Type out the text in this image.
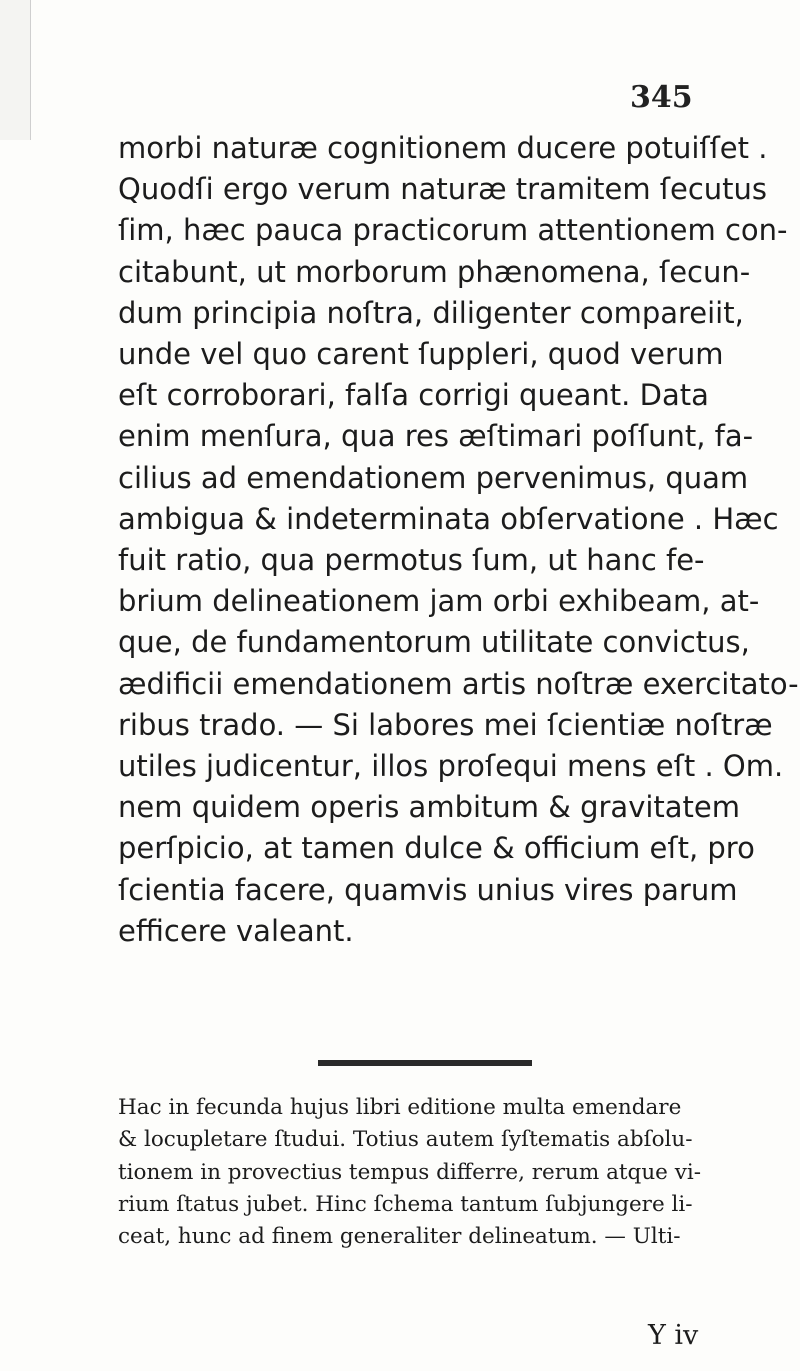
345

morbi naturæ cognitionem ducere potuiſſet .
Quodſi ergo verum naturæ tramitem ſecutus
ſim, hæc pauca practicorum attentionem con-
citabunt, ut morborum phænomena, ſecun-
dum principia noſtra, diligenter compareiit,
unde vel quo carent ſuppleri, quod verum
eſt corroborari, falſa corrigi queant. Data
enim menſura, qua res æſtimari poſſunt, fa-
cilius ad emendationem pervenimus, quam
ambigua & indeterminata obſervatione . Hæc
fuit ratio, qua permotus ſum, ut hanc fe-
brium delineationem jam orbi exhibeam, at-
que, de fundamentorum utilitate convictus,
ædificii emendationem artis noſtræ exercitato-
ribus trado. — Si labores mei ſcientiæ noſtræ
utiles judicentur, illos proſequi mens eſt . Om.
nem quidem operis ambitum & gravitatem
perſpicio, at tamen dulce & officium eſt, pro
ſcientia facere, quamvis unius vires parum
efficere valeant.

Hac in fecunda hujus libri editione multa emendare
& locupletare ſtudui. Totius autem ſyſtematis abſolu-
tionem in provectius tempus differre, rerum atque vi-
rium ſtatus jubet. Hinc ſchema tantum ſubjungere li-
ceat, hunc ad finem generaliter delineatum. — Ulti-

Y iv
